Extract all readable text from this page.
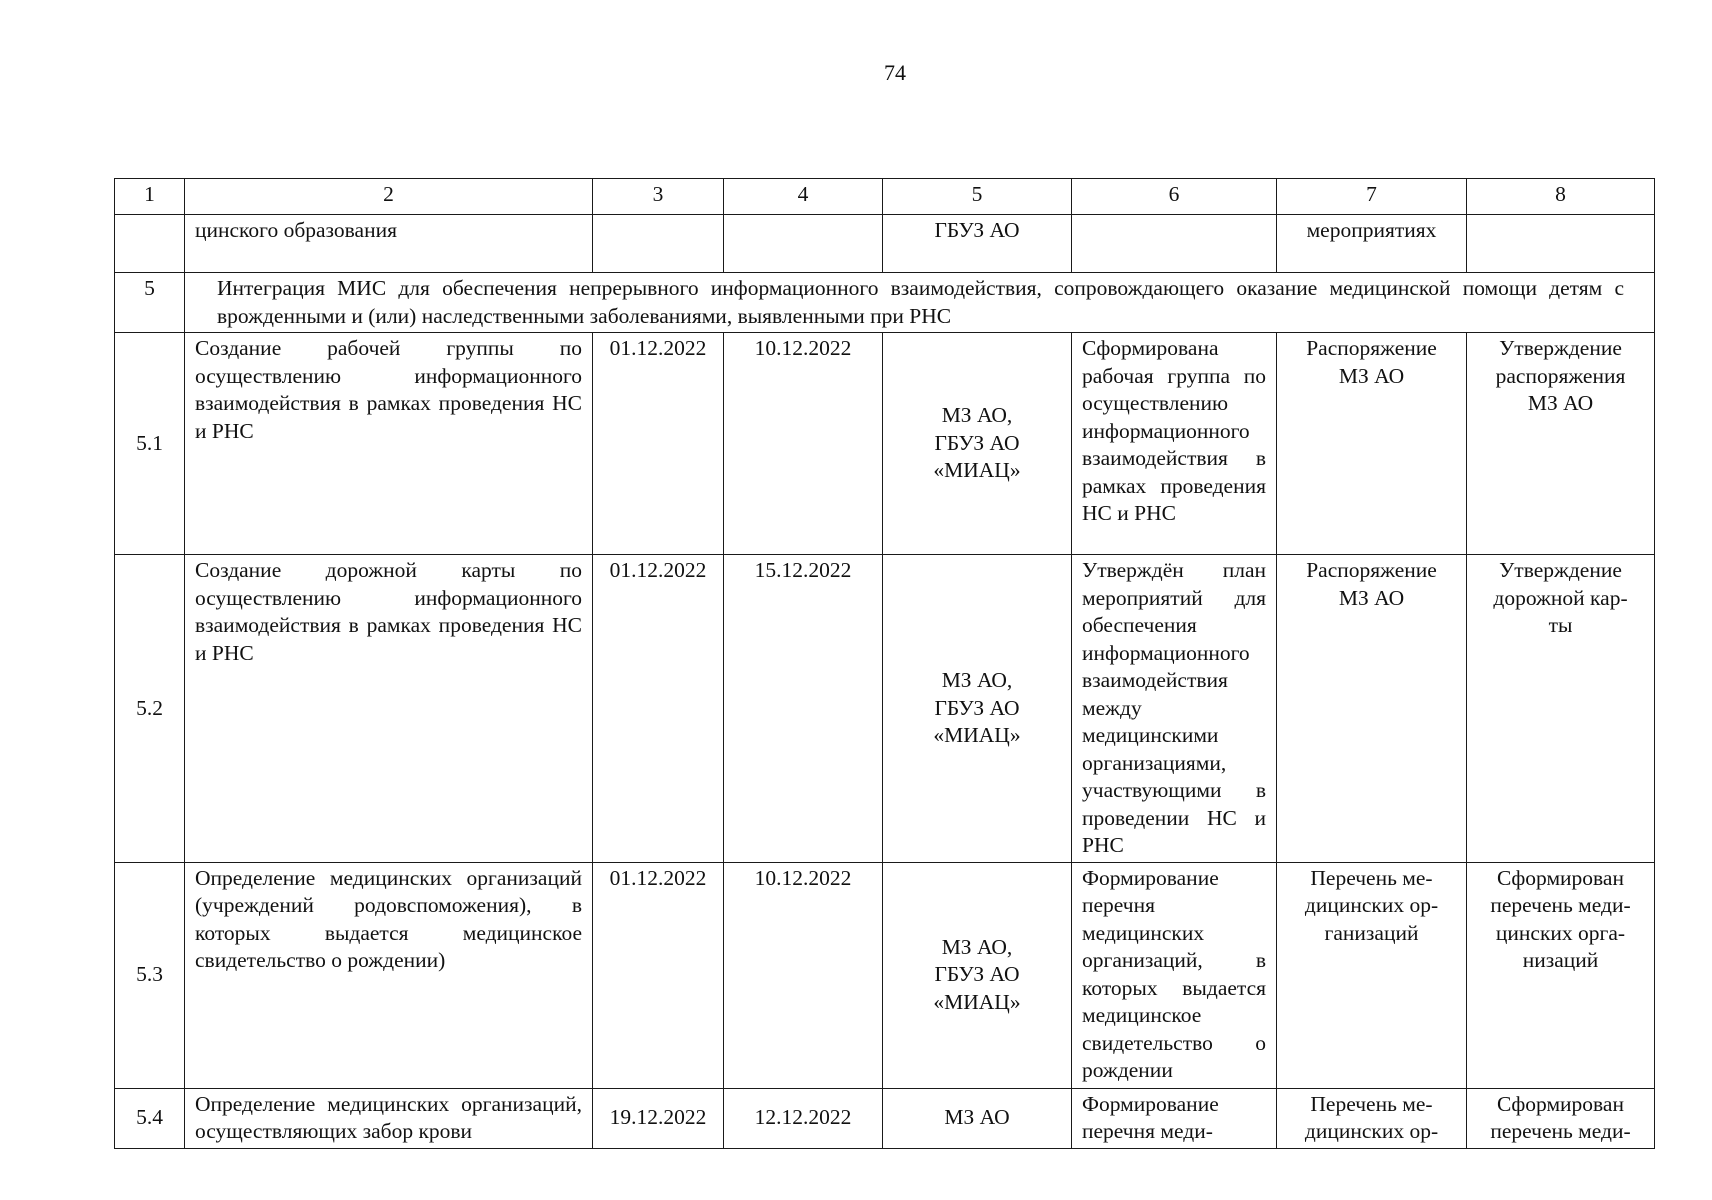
74
1	2	3	4	5	6	7	8
	цинского образования			ГБУЗ АО		мероприятиях	
5	Интеграция МИС для обеспечения непрерывного информационного взаимодействия, сопровождающего оказание медицинской помощи детям с врожденными и (или) наследственными заболеваниями, выявленными при РНС						
5.1	Создание рабочей группы по осуществлению информационного взаимодействия в рамках проведения НС и РНС	01.12.2022	10.12.2022	МЗ АО,
ГБУЗ АО
«МИАЦ»	Сформирована рабочая группа по осуществлению информационного взаимодействия в рамках проведения НС и РНС	Распоряжение
МЗ АО	Утверждение
распоряжения
МЗ АО

5.2	Создание дорожной карты по осуществлению информационного взаимодействия в рамках проведения НС и РНС	01.12.2022	15.12.2022	МЗ АО,
ГБУЗ АО
«МИАЦ»	Утверждён план мероприятий для обеспечения информационного взаимодействия между медицинскими организациями, участвующими в проведении НС и РНС	Распоряжение
МЗ АО	Утверждение
дорожной кар-
ты

5.3	Определение медицинских организаций (учреждений родовспоможения), в которых выдается медицинское свидетельство о рождении)	01.12.2022	10.12.2022	МЗ АО,
ГБУЗ АО
«МИАЦ»	Формирование перечня медицинских организаций, в которых выдается медицинское свидетельство о рождении	Перечень ме-
дицинских ор-
ганизаций	Сформирован
перечень меди-
цинских орга-
низаций

5.4	Определение медицинских организаций, осуществляющих забор крови	19.12.2022	12.12.2022	МЗ АО	Формирование перечня меди-	Перечень ме-
дицинских ор-	Сформирован
перечень меди-
